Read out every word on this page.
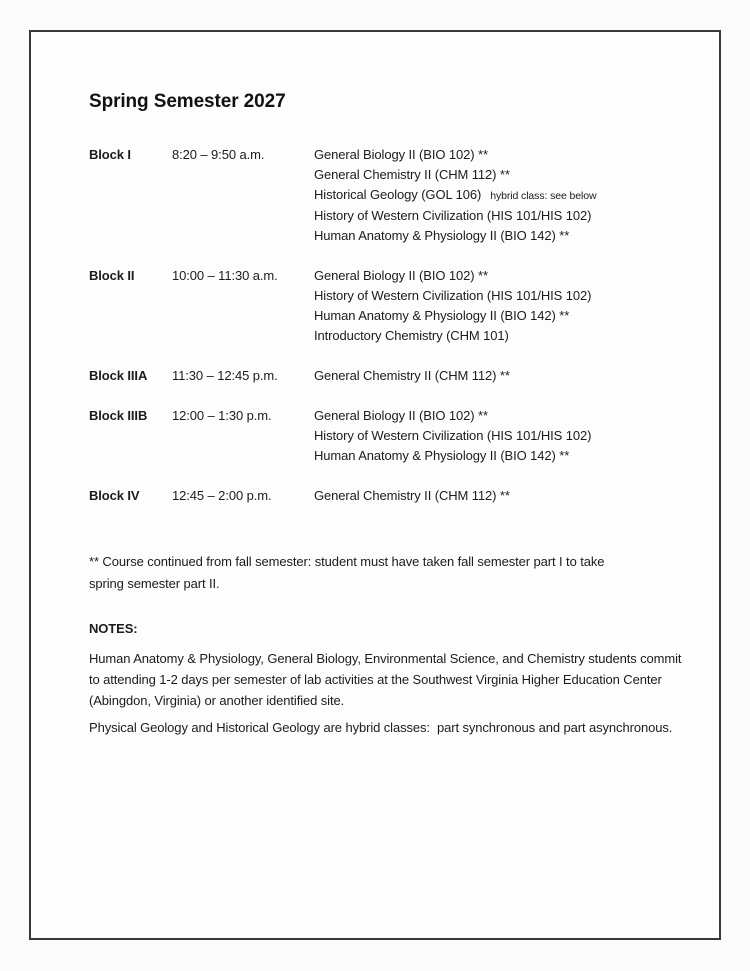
Spring Semester 2027
Block I	8:20 – 9:50 a.m.	General Biology II (BIO 102) **
General Chemistry II (CHM 112) **
Historical Geology (GOL 106) hybrid class: see below
History of Western Civilization (HIS 101/HIS 102)
Human Anatomy & Physiology II (BIO 142) **
Block II	10:00 – 11:30 a.m.	General Biology II (BIO 102) **
History of Western Civilization (HIS 101/HIS 102)
Human Anatomy & Physiology II (BIO 142) **
Introductory Chemistry (CHM 101)
Block IIIA	11:30 – 12:45 p.m.	General Chemistry II (CHM 112) **
Block IIIB	12:00 – 1:30 p.m.	General Biology II (BIO 102) **
History of Western Civilization (HIS 101/HIS 102)
Human Anatomy & Physiology II (BIO 142) **
Block IV	12:45 – 2:00 p.m.	General Chemistry II (CHM 112) **
** Course continued from fall semester: student must have taken fall semester part I to take
spring semester part II.
NOTES:
Human Anatomy & Physiology, General Biology, Environmental Science, and Chemistry students commit
to attending 1-2 days per semester of lab activities at the Southwest Virginia Higher Education Center
(Abingdon, Virginia) or another identified site.
Physical Geology and Historical Geology are hybrid classes:  part synchronous and part asynchronous.
